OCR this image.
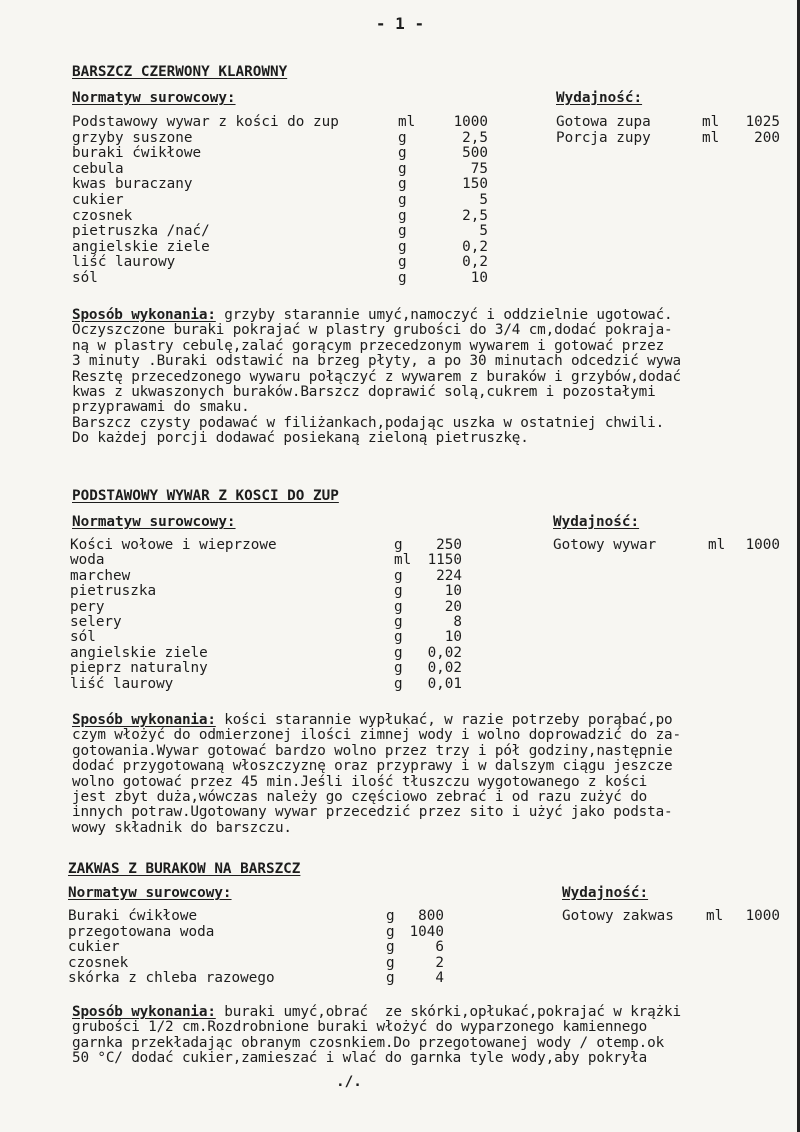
- 1 -
BARSZCZ CZERWONY KLAROWNY
Normatyw surowcowy:	Wydajność:
Podstawowy wywar z kości do zup	ml	1000
grzyby suszone	g	2,5
buraki ćwikłowe	g	500
cebula	g	75
kwas buraczany	g	150
cukier	g	5
czosnek	g	2,5
pietruszka /nać/	g	5
angielskie ziele	g	0,2
liść laurowy	g	0,2
sól	g	10
Gotowa zupa	ml	1025
Porcja zupy	ml	200
Sposób wykonania: grzyby starannie umyć,namoczyć i oddzielnie ugotować.
Oczyszczone buraki pokrajać w plastry grubości do 3/4 cm,dodać pokraja-
ną w plastry cebulę,zalać gorącym przecedzonym wywarem i gotować przez
3 minuty .Buraki odstawić na brzeg płyty, a po 30 minutach odcedzić wywa
Resztę przecedzonego wywaru połączyć z wywarem z buraków i grzybów,dodać
kwas z ukwaszonych buraków.Barszcz doprawić solą,cukrem i pozostałymi
przyprawami do smaku.
Barszcz czysty podawać w filiżankach,podając uszka w ostatniej chwili.
Do każdej porcji dodawać posiekaną zieloną pietruszkę.
PODSTAWOWY WYWAR Z KOSCI DO ZUP
Normatyw surowcowy:	Wydajność:
Kości wołowe i wieprzowe	g	250
woda	ml	1150
marchew	g	224
pietruszka	g	10
pery	g	20
selery	g	8
sól	g	10
angielskie ziele	g	0,02
pieprz naturalny	g	0,02
liść laurowy	g	0,01
Gotowy wywar	ml	1000
Sposób wykonania: kości starannie wypłukać, w razie potrzeby porąbać,po
czym włożyć do odmierzonej ilości zimnej wody i wolno doprowadzić do za-
gotowania.Wywar gotować bardzo wolno przez trzy i pół godziny,następnie
dodać przygotowaną włoszczyznę oraz przyprawy i w dalszym ciągu jeszcze
wolno gotować przez 45 min.Jeśli ilość tłuszczu wygotowanego z kości
jest zbyt duża,wówczas należy go częściowo zebrać i od razu zużyć do
innych potraw.Ugotowany wywar przecedzić przez sito i użyć jako podsta-
wowy składnik do barszczu.
ZAKWAS Z BURAKOW NA BARSZCZ
Normatyw surowcowy:	Wydajność:
Buraki ćwikłowe	g	800
przegotowana woda	g	1040
cukier	g	6
czosnek	g	2
skórka z chleba razowego	g	4
Gotowy zakwas ml	1000
Sposób wykonania: buraki umyć,obrać  ze skórki,opłukać,pokrajać w krążki
grubości 1/2 cm.Rozdrobnione buraki włożyć do wyparzonego kamiennego
garnka przekładając obranym czosnkiem.Do przegotowanej wody / otemp.ok
50 °C/ dodać cukier,zamieszać i wlać do garnka tyle wody,aby pokryła
./.
